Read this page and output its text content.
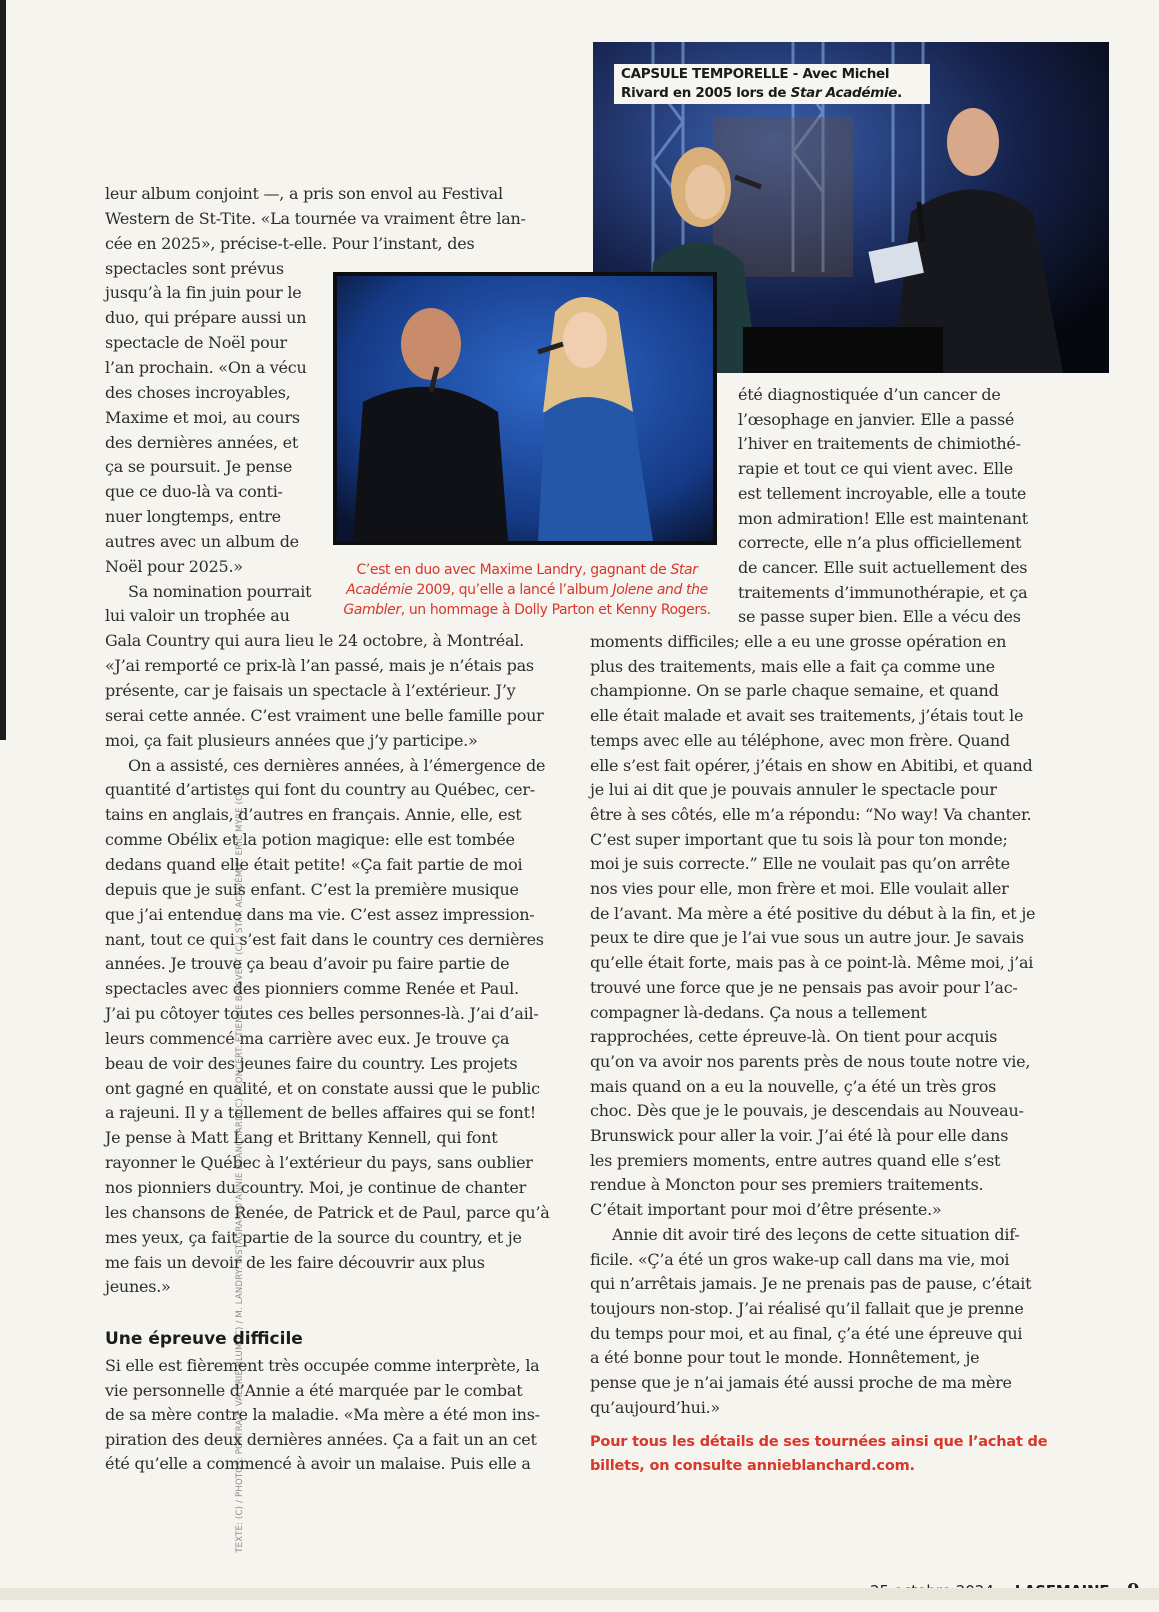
CAPSULE TEMPORELLE - Avec Michel Rivard en 2005 lors de Star Académie.
C’est en duo avec Maxime Landry, gagnant de Star Académie 2009, qu’elle a lancé l’album Jolene and the Gambler, un hommage à Dolly Parton et Kenny Rogers.
TEXTE: (C) / PHOTOS: PORTRAIT: VALÉRIE BLUM (C) / M. LANDRY: INSTAGRAM D’ANNIE BLANCHARD (C) / CONCERT: ÉTIENNE BOISVERT (C) / STAR ACADÉMIE: ERIC MYRE (C)
leur album conjoint —, a pris son envol au Festival
Western de St-Tite. «La tournée va vraiment être lan-
cée en 2025», précise-t-elle. Pour l’instant, des
spectacles sont prévus
jusqu’à la fin juin pour le
duo, qui prépare aussi un
spectacle de Noël pour
l’an prochain. «On a vécu
des choses incroyables,
Maxime et moi, au cours
des dernières années, et
ça se poursuit. Je pense
que ce duo-là va conti-
nuer longtemps, entre
autres avec un album de
Noël pour 2025.»
Sa nomination pourrait
lui valoir un trophée au
Gala Country qui aura lieu le 24 octobre, à Montréal.
«J’ai remporté ce prix-là l’an passé, mais je n’étais pas
présente, car je faisais un spectacle à l’extérieur. J’y
serai cette année. C’est vraiment une belle famille pour
moi, ça fait plusieurs années que j’y participe.»
On a assisté, ces dernières années, à l’émergence de
quantité d’artistes qui font du country au Québec, cer-
tains en anglais, d’autres en français. Annie, elle, est
comme Obélix et la potion magique: elle est tombée
dedans quand elle était petite! «Ça fait partie de moi
depuis que je suis enfant. C’est la première musique
que j’ai entendue dans ma vie. C’est assez impression-
nant, tout ce qui s’est fait dans le country ces dernières
années. Je trouve ça beau d’avoir pu faire partie de
spectacles avec des pionniers comme Renée et Paul.
J’ai pu côtoyer toutes ces belles personnes-là. J’ai d’ail-
leurs commencé ma carrière avec eux. Je trouve ça
beau de voir des jeunes faire du country. Les projets
ont gagné en qualité, et on constate aussi que le public
a rajeuni. Il y a tellement de belles affaires qui se font!
Je pense à Matt Lang et Brittany Kennell, qui font
rayonner le Québec à l’extérieur du pays, sans oublier
nos pionniers du country. Moi, je continue de chanter
les chansons de Renée, de Patrick et de Paul, parce qu’à
mes yeux, ça fait partie de la source du country, et je
me fais un devoir de les faire découvrir aux plus
jeunes.»
Une épreuve difficile
Si elle est fièrement très occupée comme interprète, la
vie personnelle d’Annie a été marquée par le combat
de sa mère contre la maladie. «Ma mère a été mon ins-
piration des deux dernières années. Ça a fait un an cet
été qu’elle a commencé à avoir un malaise. Puis elle a
été diagnostiquée d’un cancer de
l’œsophage en janvier. Elle a passé
l’hiver en traitements de chimiothé-
rapie et tout ce qui vient avec. Elle
est tellement incroyable, elle a toute
mon admiration! Elle est maintenant
correcte, elle n’a plus officiellement
de cancer. Elle suit actuellement des
traitements d’immunothérapie, et ça
se passe super bien. Elle a vécu des
moments difficiles; elle a eu une grosse opération en
plus des traitements, mais elle a fait ça comme une
championne. On se parle chaque semaine, et quand
elle était malade et avait ses traitements, j’étais tout le
temps avec elle au téléphone, avec mon frère. Quand
elle s’est fait opérer, j’étais en show en Abitibi, et quand
je lui ai dit que je pouvais annuler le spectacle pour
être à ses côtés, elle m’a répondu: “No way! Va chanter.
C’est super important que tu sois là pour ton monde;
moi je suis correcte.” Elle ne voulait pas qu’on arrête
nos vies pour elle, mon frère et moi. Elle voulait aller
de l’avant. Ma mère a été positive du début à la fin, et je
peux te dire que je l’ai vue sous un autre jour. Je savais
qu’elle était forte, mais pas à ce point-là. Même moi, j’ai
trouvé une force que je ne pensais pas avoir pour l’ac-
compagner là-dedans. Ça nous a tellement
rapprochées, cette épreuve-là. On tient pour acquis
qu’on va avoir nos parents près de nous toute notre vie,
mais quand on a eu la nouvelle, ç’a été un très gros
choc. Dès que je le pouvais, je descendais au Nouveau-
Brunswick pour aller la voir. J’ai été là pour elle dans
les premiers moments, entre autres quand elle s’est
rendue à Moncton pour ses premiers traitements.
C’était important pour moi d’être présente.»
Annie dit avoir tiré des leçons de cette situation dif-
ficile. «Ç’a été un gros wake-up call dans ma vie, moi
qui n’arrêtais jamais. Je ne prenais pas de pause, c’était
toujours non-stop. J’ai réalisé qu’il fallait que je prenne
du temps pour moi, et au final, ç’a été une épreuve qui
a été bonne pour tout le monde. Honnêtement, je
pense que je n’ai jamais été aussi proche de ma mère
qu’aujourd’hui.»
Pour tous les détails de ses tournées ainsi que l’achat de
billets, on consulte annieblanchard.com.
